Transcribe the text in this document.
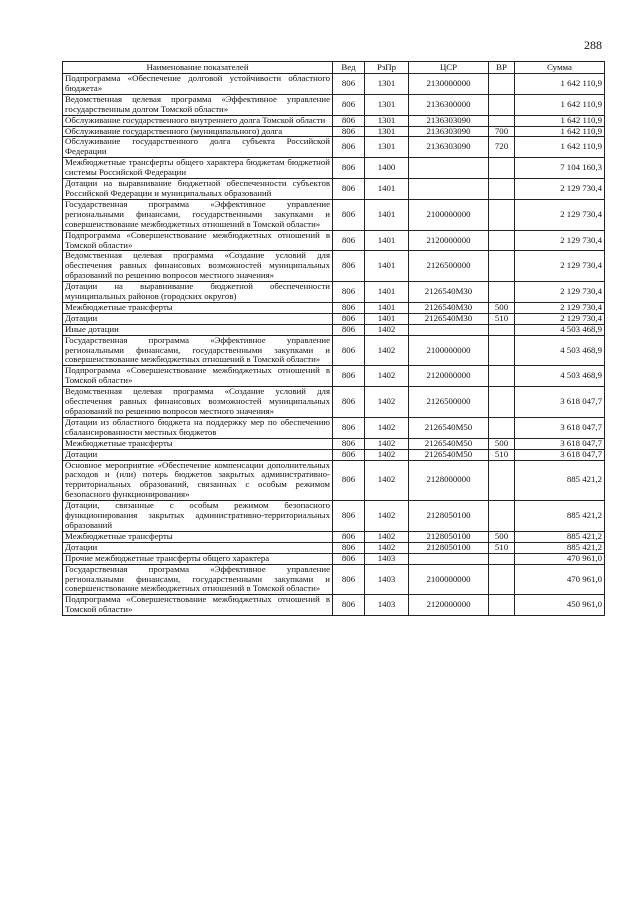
288
Наименование показателей	Вед	РзПр	ЦСР	ВР	Сумма
Подпрограмма «Обеспечение долговой устойчивости областного бюджета»	806	1301	2130000000		1 642 110,9
Ведомственная целевая программа «Эффективное управление государственным долгом Томской области»	806	1301	2136300000		1 642 110,9
Обслуживание государственного внутреннего долга Томской области	806	1301	2136303090		1 642 110,9
Обслуживание государственного (муниципального) долга	806	1301	2136303090	700	1 642 110,9
Обслуживание государственного долга субъекта Российской Федерации	806	1301	2136303090	720	1 642 110,9
Межбюджетные трансферты общего характера бюджетам бюджетной системы Российской Федерации	806	1400			7 104 160,3
Дотации на выравнивание бюджетной обеспеченности субъектов Российской Федерации и муниципальных образований	806	1401			2 129 730,4
Государственная программа «Эффективное управление региональными финансами, государственными закупками и совершенствование межбюджетных отношений в Томской области»	806	1401	2100000000		2 129 730,4
Подпрограмма «Совершенствование межбюджетных отношений в Томской области»	806	1401	2120000000		2 129 730,4
Ведомственная целевая программа «Создание условий для обеспечения равных финансовых возможностей муниципальных образований по решению вопросов местного значения»	806	1401	2126500000		2 129 730,4
Дотации на выравнивание бюджетной обеспеченности муниципальных районов (городских округов)	806	1401	2126540М30		2 129 730,4
Межбюджетные трансферты	806	1401	2126540М30	500	2 129 730,4
Дотации	806	1401	2126540М30	510	2 129 730,4
Иные дотации	806	1402			4 503 468,9
Государственная программа «Эффективное управление региональными финансами, государственными закупками и совершенствование межбюджетных отношений в Томской области»	806	1402	2100000000		4 503 468,9
Подпрограмма «Совершенствование межбюджетных отношений в Томской области»	806	1402	2120000000		4 503 468,9
Ведомственная целевая программа «Создание условий для обеспечения равных финансовых возможностей муниципальных образований по решению вопросов местного значения»	806	1402	2126500000		3 618 047,7
Дотации из областного бюджета на поддержку мер по обеспечению сбалансированности местных бюджетов	806	1402	2126540М50		3 618 047,7
Межбюджетные трансферты	806	1402	2126540М50	500	3 618 047,7
Дотации	806	1402	2126540М50	510	3 618 047,7
Основное мероприятие «Обеспечение компенсации дополнительных расходов и (или) потерь бюджетов закрытых административно-территориальных образований, связанных с особым режимом безопасного функционирования»	806	1402	2128000000		885 421,2
Дотации, связанные с особым режимом безопасного функционирования закрытых административно-территориальных образований	806	1402	2128050100		885 421,2
Межбюджетные трансферты	806	1402	2128050100	500	885 421,2
Дотации	806	1402	2128050100	510	885 421,2
Прочие межбюджетные трансферты общего характера	806	1403			470 961,0
Государственная программа «Эффективное управление региональными финансами, государственными закупками и совершенствование межбюджетных отношений в Томской области»	806	1403	2100000000		470 961,0
Подпрограмма «Совершенствование межбюджетных отношений в Томской области»	806	1403	2120000000		450 961,0
